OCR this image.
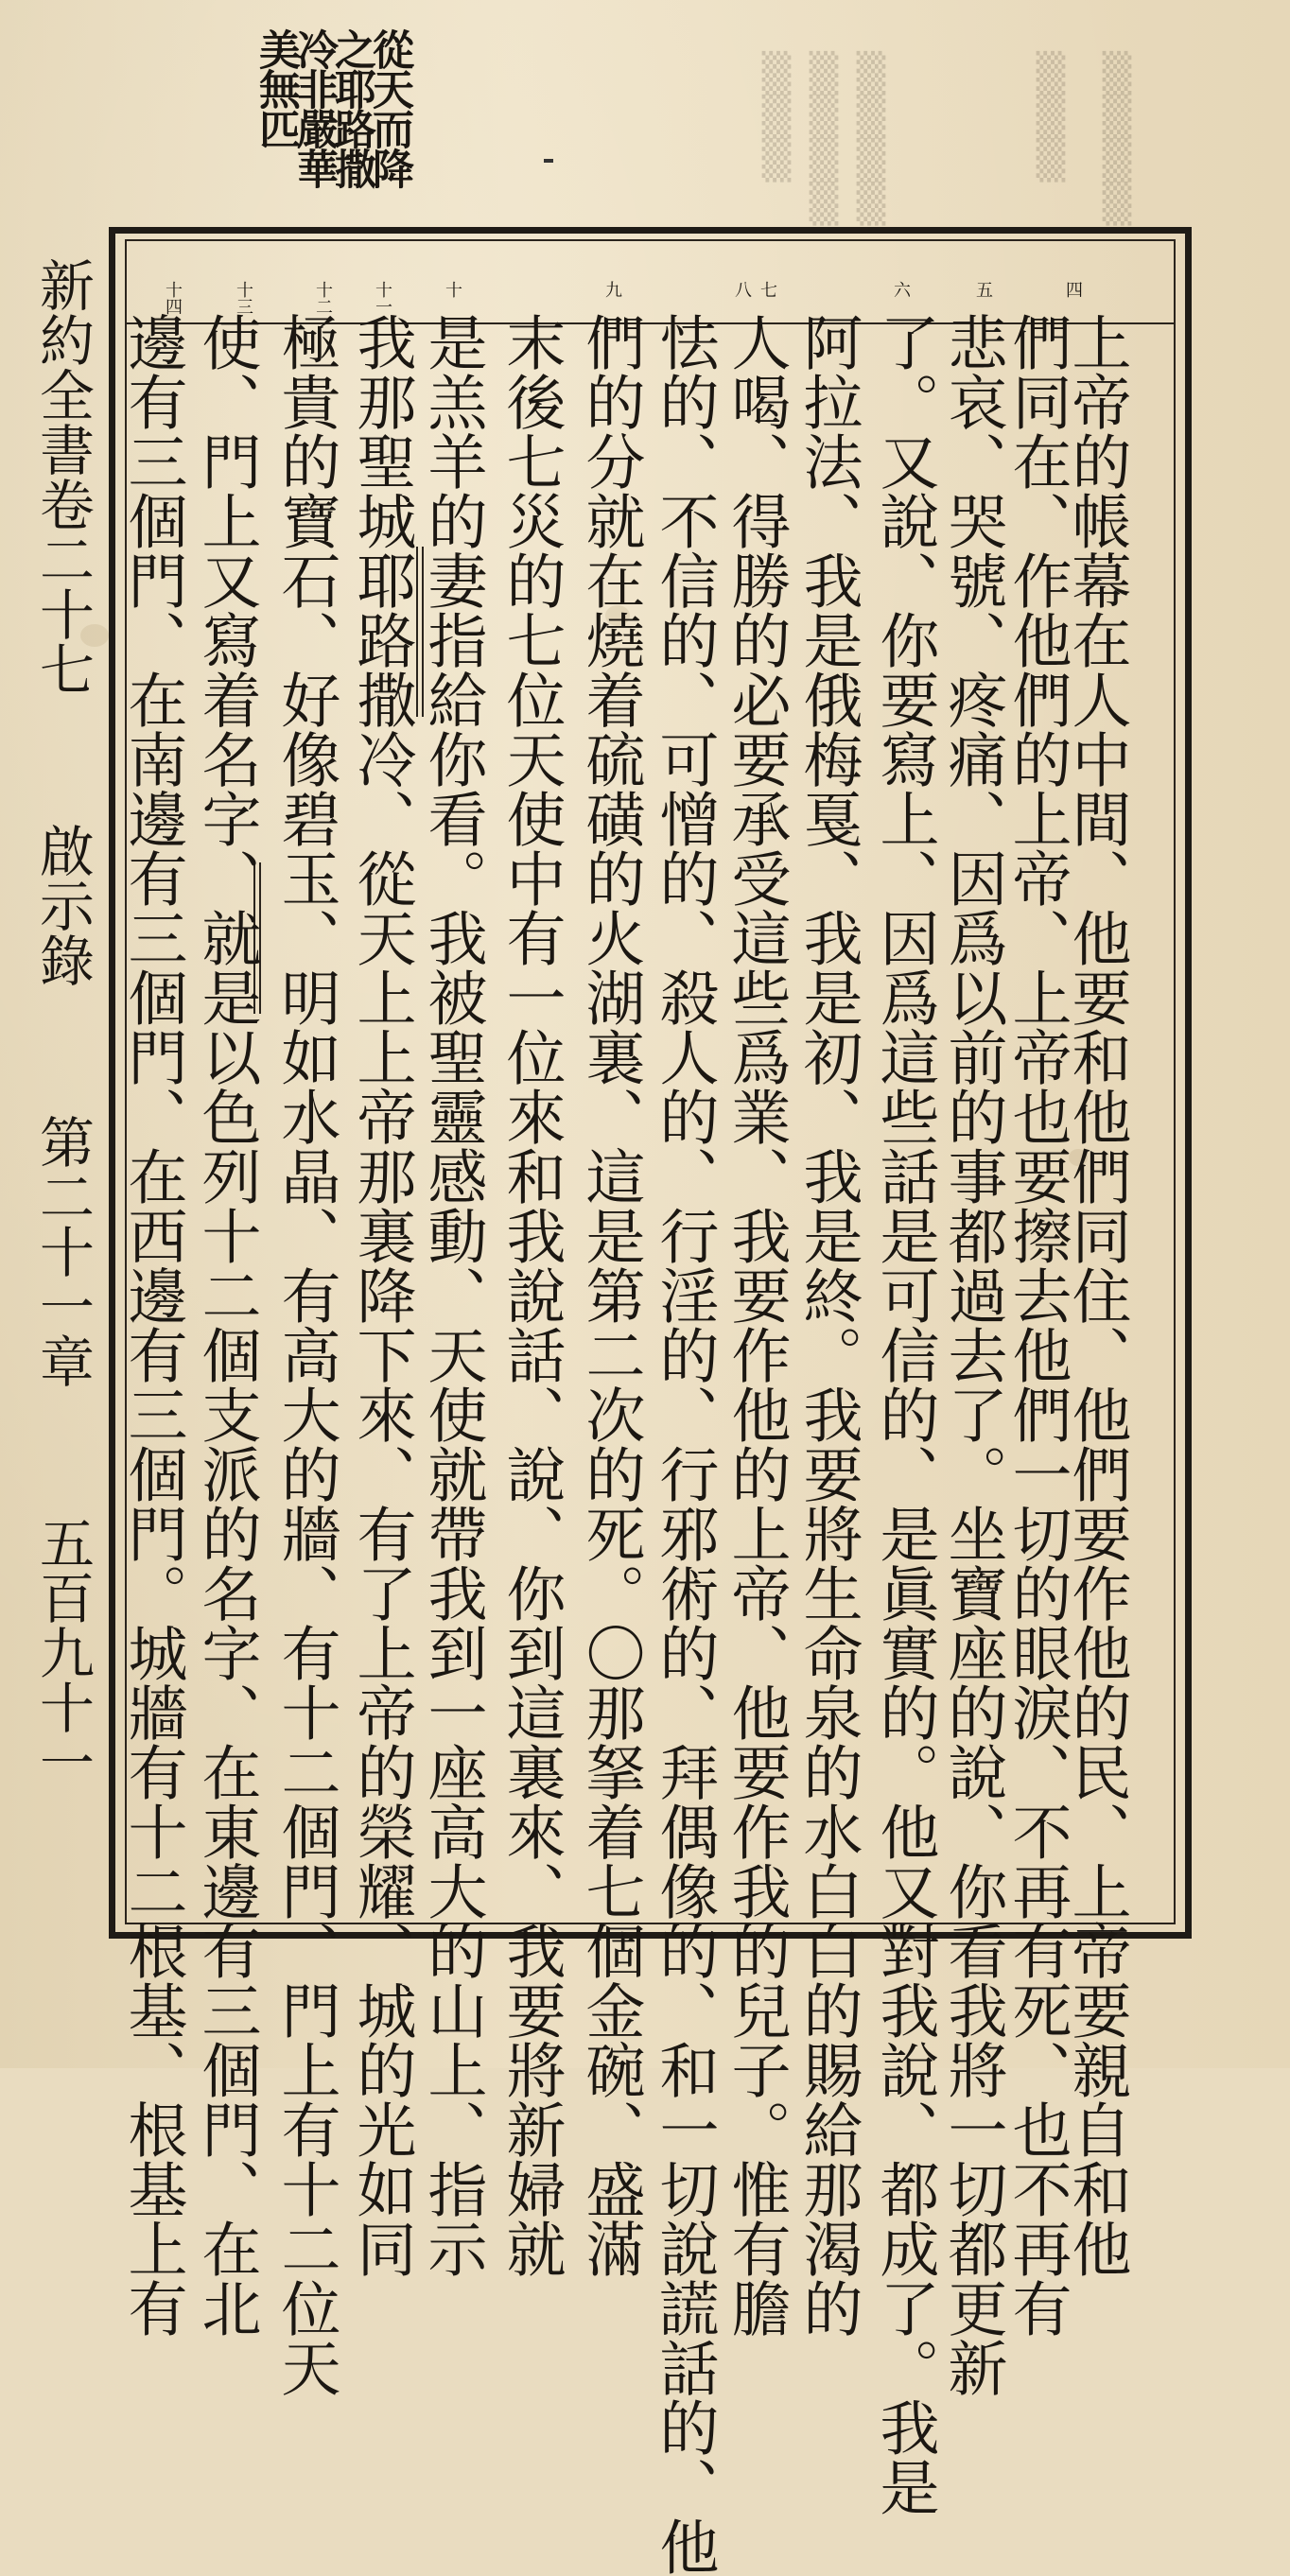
▒▒▒▒
▒▒▒
▒▒▒▒
▒▒▒▒
▒▒▒
從天而降
之耶路撒
冷非嚴華
美無匹
新約全書卷二十七
啟示錄
第二十一章
五百九十一
四
五
六
七
八
九
十
十一
十二
十三
十四
上帝的帳幕在人中間、他要和他們同住、他們要作他的民、上帝要親自和他
們同在、作他們的上帝、上帝也要擦去他們一切的眼淚、不再有死、也不再有
悲哀、哭號、疼痛、因爲以前的事都過去了。坐寶座的說、你看我將一切都更新
了。又說、你要寫上、因爲這些話是可信的、是眞實的。他又對我說、都成了。我是
阿拉法、我是俄梅戛、我是初、我是終。我要將生命泉的水白白的賜給那渴的
人喝、得勝的必要承受這些爲業、我要作他的上帝、他要作我的兒子。惟有膽
怯的、不信的、可憎的、殺人的、行淫的、行邪術的、拜偶像的、和一切說謊話的、他
們的分就在燒着硫磺的火湖裏、這是第二次的死。〇那拏着七個金碗、盛滿
末後七災的七位天使中有一位來和我說話、說、你到這裏來、我要將新婦就
是羔羊的妻指給你看。我被聖靈感動、天使就帶我到一座高大的山上、指示
我那聖城耶路撒冷、從天上上帝那裏降下來、有了上帝的榮耀、城的光如同
極貴的寶石、好像碧玉、明如水晶、有高大的牆、有十二個門、門上有十二位天
使、門上又寫着名字、就是以色列十二個支派的名字、在東邊有三個門、在北
邊有三個門、在南邊有三個門、在西邊有三個門。城牆有十二根基、根基上有
